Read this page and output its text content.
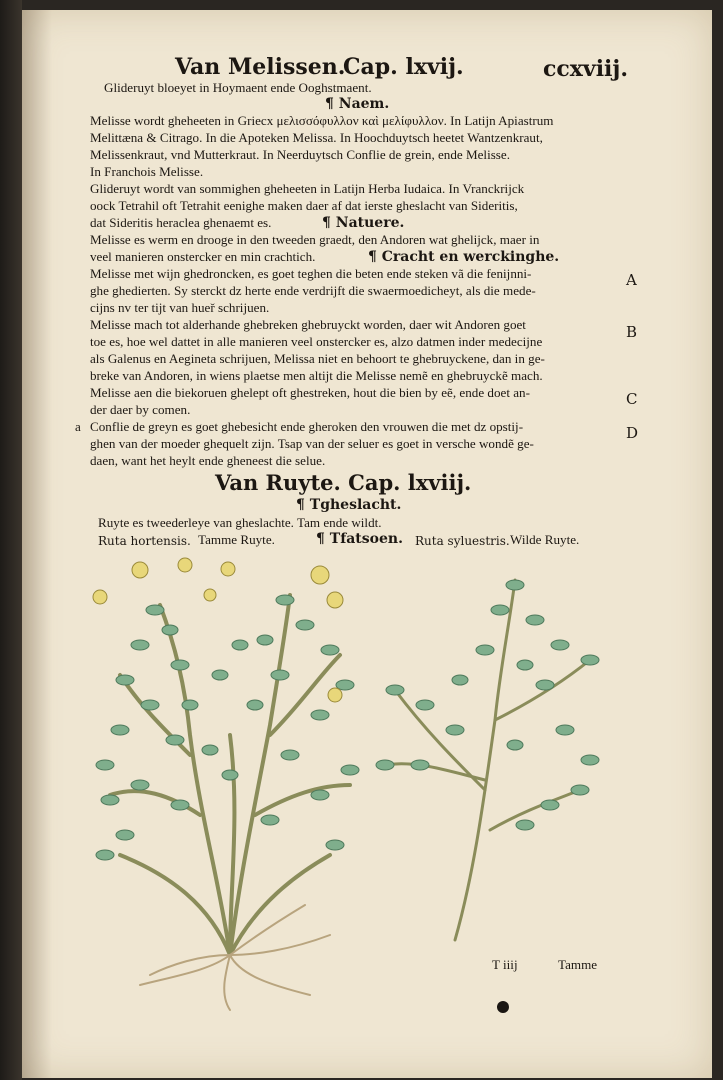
Van Melissen.
Cap. lxvij.	ccxviij.
Glideruyt bloeyet in Hoymaent ende Ooghstmaent.
¶ Naem.
Melisse wordt gheheeten in Griecx μελισσόφυλλον καὶ μελίφυλλον. In Latijn Apiastrum
Melittæna & Citrago. In die Apoteken Melissa. In Hoochduytsch heetet Wantzenkraut,
Melissenkraut, vnd Mutterkraut. In Neerduytsch Conflie de grein, ende Melisse.
In Franchois Melisse.
Glideruyt wordt van sommighen gheheeten in Latijn Herba Iudaica. In Vranckrijck
oock Tetrahil oft Tetrahit eenighe maken daer af dat ierste gheslacht van Sideritis,
dat Sideritis heraclea ghenaemt es.	¶ Natuere.
Melisse es werm en drooge in den tweeden graedt, den Andoren wat ghelijck, maer in
veel manieren onstercker en min crachtich.	¶ Cracht en werckinghe.
Melisse met wijn ghedroncken, es goet teghen die beten ende steken vã die fenijnni-
ghe ghedierten. Sy sterckt dz herte ende verdrijft die swaermoedicheyt, als die mede-
cijns nv ter tijt van hueř schrijuen.
Melisse mach tot alderhande ghebreken ghebruyckt worden, daer wit Andoren goet
toe es, hoe wel dattet in alle manieren veel onstercker es, alzo datmen inder medecijne
als Galenus en Aegineta schrijuen, Melissa niet en behoort te ghebruyckene, dan in ge-
breke van Andoren, in wiens plaetse men altijt die Melisse nemẽ en ghebruyckẽ mach.
Melisse aen die biekoruen ghelept oft ghestreken, hout die bien by eẽ, ende doet an-
der daer by comen.
Conflie de greyn es goet ghebesicht ende gheroken den vrouwen die met dz opstij-
ghen van der moeder ghequelt zijn. Tsap van der seluer es goet in versche wondẽ ge-
daen, want het heylt ende gheneest die selue.
A
B
C
D
a
Van Ruyte. Cap. lxviij.
¶ Tgheslacht.
Ruyte es tweederleye van gheslachte. Tam ende wildt.
Ruta hortensis. Tamme Ruyte.	¶ Tfatsoen. Ruta syluestris. Wilde Ruyte.
T iiij	Tamme
